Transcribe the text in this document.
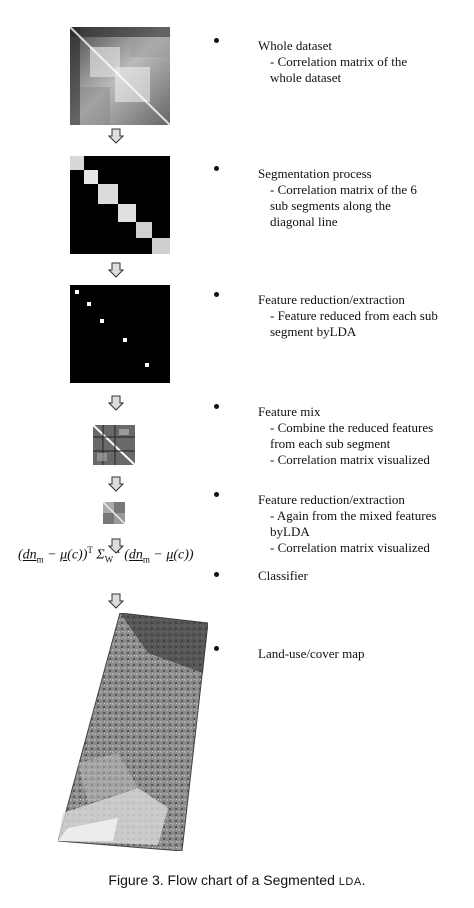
$(dn_m - \mu(c))^T$ $\Sigma_W$ $(dn_m - \mu(c))$
Whole dataset
- Correlation matrix of the
whole dataset
Segmentation process
- Correlation matrix of the 6
sub segments along the
diagonal line
Feature reduction/extraction
- Feature reduced from each sub
segment byLDA
Feature mix
- Combine the reduced features
from each sub segment
- Correlation matrix visualized
Feature reduction/extraction
- Again from the mixed features
byLDA
- Correlation matrix visualized
Classifier
Land-use/cover map
Figure 3. Flow chart of a Segmented LDA.
